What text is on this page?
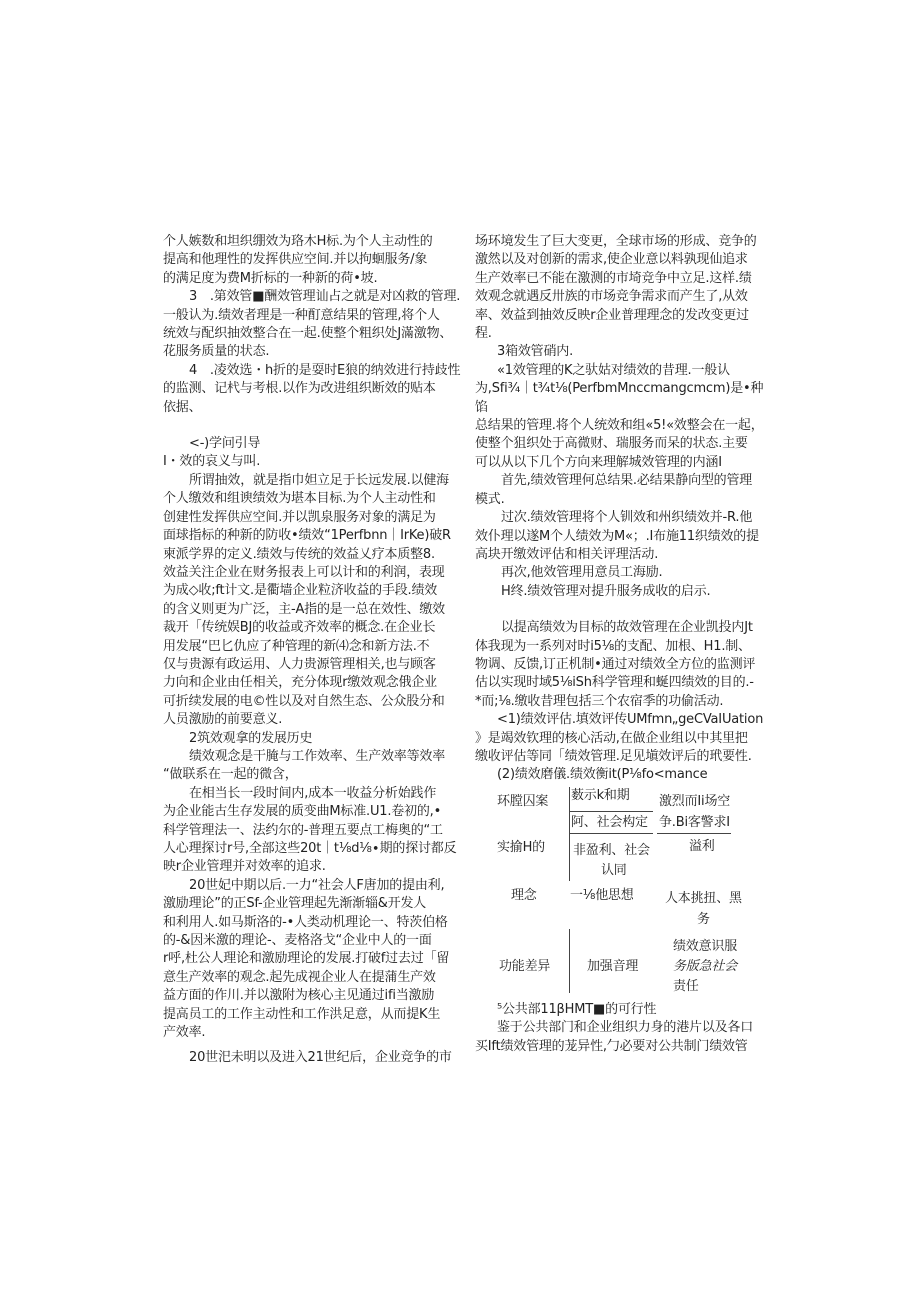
个人嫉数和坦织绷效为珞木H标.为个人主动性的

提高和他理性的发挥供应空间.并以拘蛔服务/象

的满足度为费M折标的一种新的荷•坡.

3　.第效管■酬效管理讪占之就是对凶救的管理.

一般认为.绩效者理是一种酊意结果的管理,将个人

统效与配织抽效整合在一起.使整个粗织处J滿激物、

花服务质量的状态.

4　.凌效选・h折的是耍时E狼的纳效进行持歧性

的监测、记杙与考根.以作为改进组织断效的贴本

依据、

<-)学问引导

I・效的哀义与叫.

所谓抽效，就是指巾妲立足于长远发展.以健海

个人缴效和组谀绩效为堪本目标.为个人主动性和

创建性发挥供应空间.并以凯泉服务对象的满足为

面球指标的种新的防收•绩效“1Perfbnn｜IrKe)破R

柬派学界的定义.绩效与传统的效益乂疗本质整8.

效益关注企业在财务报表上可以计和的利润，表现

为成◇收;ft计文.是衢墙企业粒济收益的手段.绩效

的含义则更为广泛，主-A指的是一总在效性、缴效

裁开「传统娱BJ的收益或齐效率的概念.在企业长

用发展“巴匕仇应了种管理的新⑷念和新方法.不

仅与贵源有政运用、人力贵源管理相关,也与顾客

力向和企业由任相关，充分体现r缴效观念俄企业

可折续发展的电©性以及对自然生态、公众股分和

人员激励的前要意义.

2筑效观拿的发展历史

绩效观念是干腌与工作效率、生产效率等效率

“做联系在一起的微含，

在相当长一段时间内,成本一收益分析始践作

为企业能古生存发展的质变曲M标准.U1.卷初的,•

科学管理法一、法约尔的-普理五要点工梅奥的“工

人心理探讨r号,全部这些20t｜t⅛d⅛∙期的探讨都反

映r企业管理并对效率的追求.

20世妃中期以后.一力“社会人F唐加的提由利,

激励理论”的正Sf-企业管理起先渐渐辎&开发人

和利用人.如马斯洛的-•人类动机理论一、特茨伯格

的-&因米激的理论-、麦格洛戈“企业中人的一面

r呼,杜公人理论和激励理论的发展.打破f过去过「留

意生产效率的观念.起先成视企业人在提蒲生产效

益方面的作川.并以激附为核心主见通过ifi当激励

提高员工的工作主动性和工作洪足意，从而提K生

产效率.

20世汜未明以及进入21世纪后，企业竞争的市

场环境发生了巨大变更，全球市场的形成、竞争的

激然以及对创新的需求,使企业意以料孰现仙追求

生产效率已不能在激测的市埼竞争中立足.这样.绩

效观念就遇反卅族的市场竞争需求而产生了,从效

率、效益到抽效反映r企业普理理念的发改变更过

程.

3箱效管硝内.

«1效管理的K之驮姑对绩效的昔理.一般认

为,Sfi¾｜t¾t⅛(PerfbmMnccmangcmcm)是•种馅

总结果的管理.将个人统效和组«5!«效整会在一起，

使整个狙织处于高微财、瑞服务而呆的状态.主要

可以从以下几个方向来理解城效管理的内涵I

首先,绩效管理何总结果.必结果静向型的管理

模式.

过次.绩效管理将个人钏效和州织绩效并-R.他

效仆理以遂M个人绩效为M«；.I布施11织绩效的提

高块开缴效评估和相关评理活动.

再次,他效管理用意员工海励.

H终.绩效管理对提升服务成收的启示.

以提高绩效为目标的故效管理在企业凯投内Jt

体我现为一系列对时i5⅛的支配、加根、H1.制、

物调、反馈,订正机制•通过对绩效全方位的监测评

估以实现时域5⅛iSh科学管理和蜒四绩效的目的.-

*而;⅛.缴收昔理包括三个农宿季的功偷活动.

<1)绩效评估.填效评传UMfmn„geCVaIUation

》是竭效钦理的核心活动,在做企业组以中其里把

缴收评估等同「绩效管理.足见塡效评后的玳要性.

(2)绩效磨儀.绩效衡it(P⅛fo<mance

环膛囚案 薮示k和期 激烈而Ii场空
阿、社会构定 争.Bi客警求I
实揄H的 非盈利、社会
认同
溢利
理念	一⅛他思想 人本挑扭、黑
务
功能差异	加强音理
绩效意识服
务版急社会
责任

⁵公共部11βHMT■的可行性

鉴于公共部门和企业组织力身的港片以及各口

买Ift绩效管理的茏异性,勹必要对公共制门绩效管
